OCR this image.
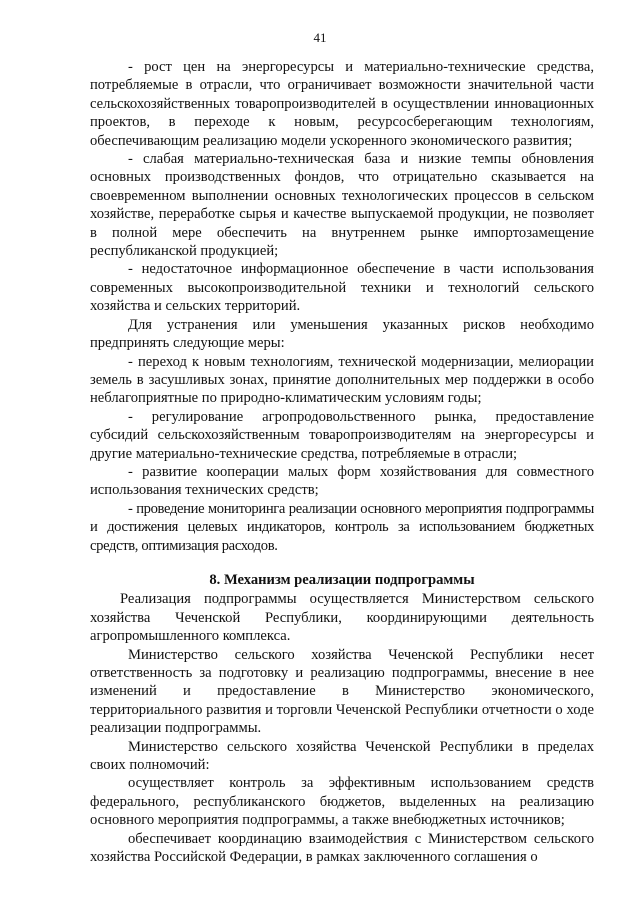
41

- рост цен на энергоресурсы и материально-технические средства, потребляемые в отрасли, что ограничивает возможности значительной части сельскохозяйственных товаропроизводителей в осуществлении инновационных проектов, в переходе к новым, ресурсосберегающим технологиям, обеспечивающим реализацию модели ускоренного экономического развития;

- слабая материально-техническая база и низкие темпы обновления основных производственных фондов, что отрицательно сказывается на своевременном выполнении основных технологических процессов в сельском хозяйстве, переработке сырья и качестве выпускаемой продукции, не позволяет в полной мере обеспечить на внутреннем рынке импортозамещение республиканской продукцией;

- недостаточное информационное обеспечение в части использования современных высокопроизводительной техники и технологий сельского хозяйства и сельских территорий.

Для устранения или уменьшения указанных рисков необходимо предпринять следующие меры:

- переход к новым технологиям, технической модернизации, мелиорации земель в засушливых зонах, принятие дополнительных мер поддержки в особо неблагоприятные по природно-климатическим условиям годы;

- регулирование агропродовольственного рынка, предоставление субсидий сельскохозяйственным товаропроизводителям на энергоресурсы и другие материально-технические средства, потребляемые в отрасли;

- развитие кооперации малых форм хозяйствования для совместного использования технических средств;

- проведение мониторинга реализации основного мероприятия подпрограммы и достижения целевых индикаторов, контроль за использованием бюджетных средств, оптимизация расходов.

8. Механизм реализации подпрограммы

Реализация подпрограммы осуществляется Министерством сельского хозяйства Чеченской Республики, координирующими деятельность агропромышленного комплекса.

Министерство сельского хозяйства Чеченской Республики несет ответственность за подготовку и реализацию подпрограммы, внесение в нее изменений и предоставление в Министерство экономического, территориального развития и торговли Чеченской Республики отчетности о ходе реализации подпрограммы.

Министерство сельского хозяйства Чеченской Республики в пределах своих полномочий:

осуществляет контроль за эффективным использованием средств федерального, республиканского бюджетов, выделенных на реализацию основного мероприятия подпрограммы, а также внебюджетных источников;

обеспечивает координацию взаимодействия с Министерством сельского хозяйства Российской Федерации, в рамках заключенного соглашения о
